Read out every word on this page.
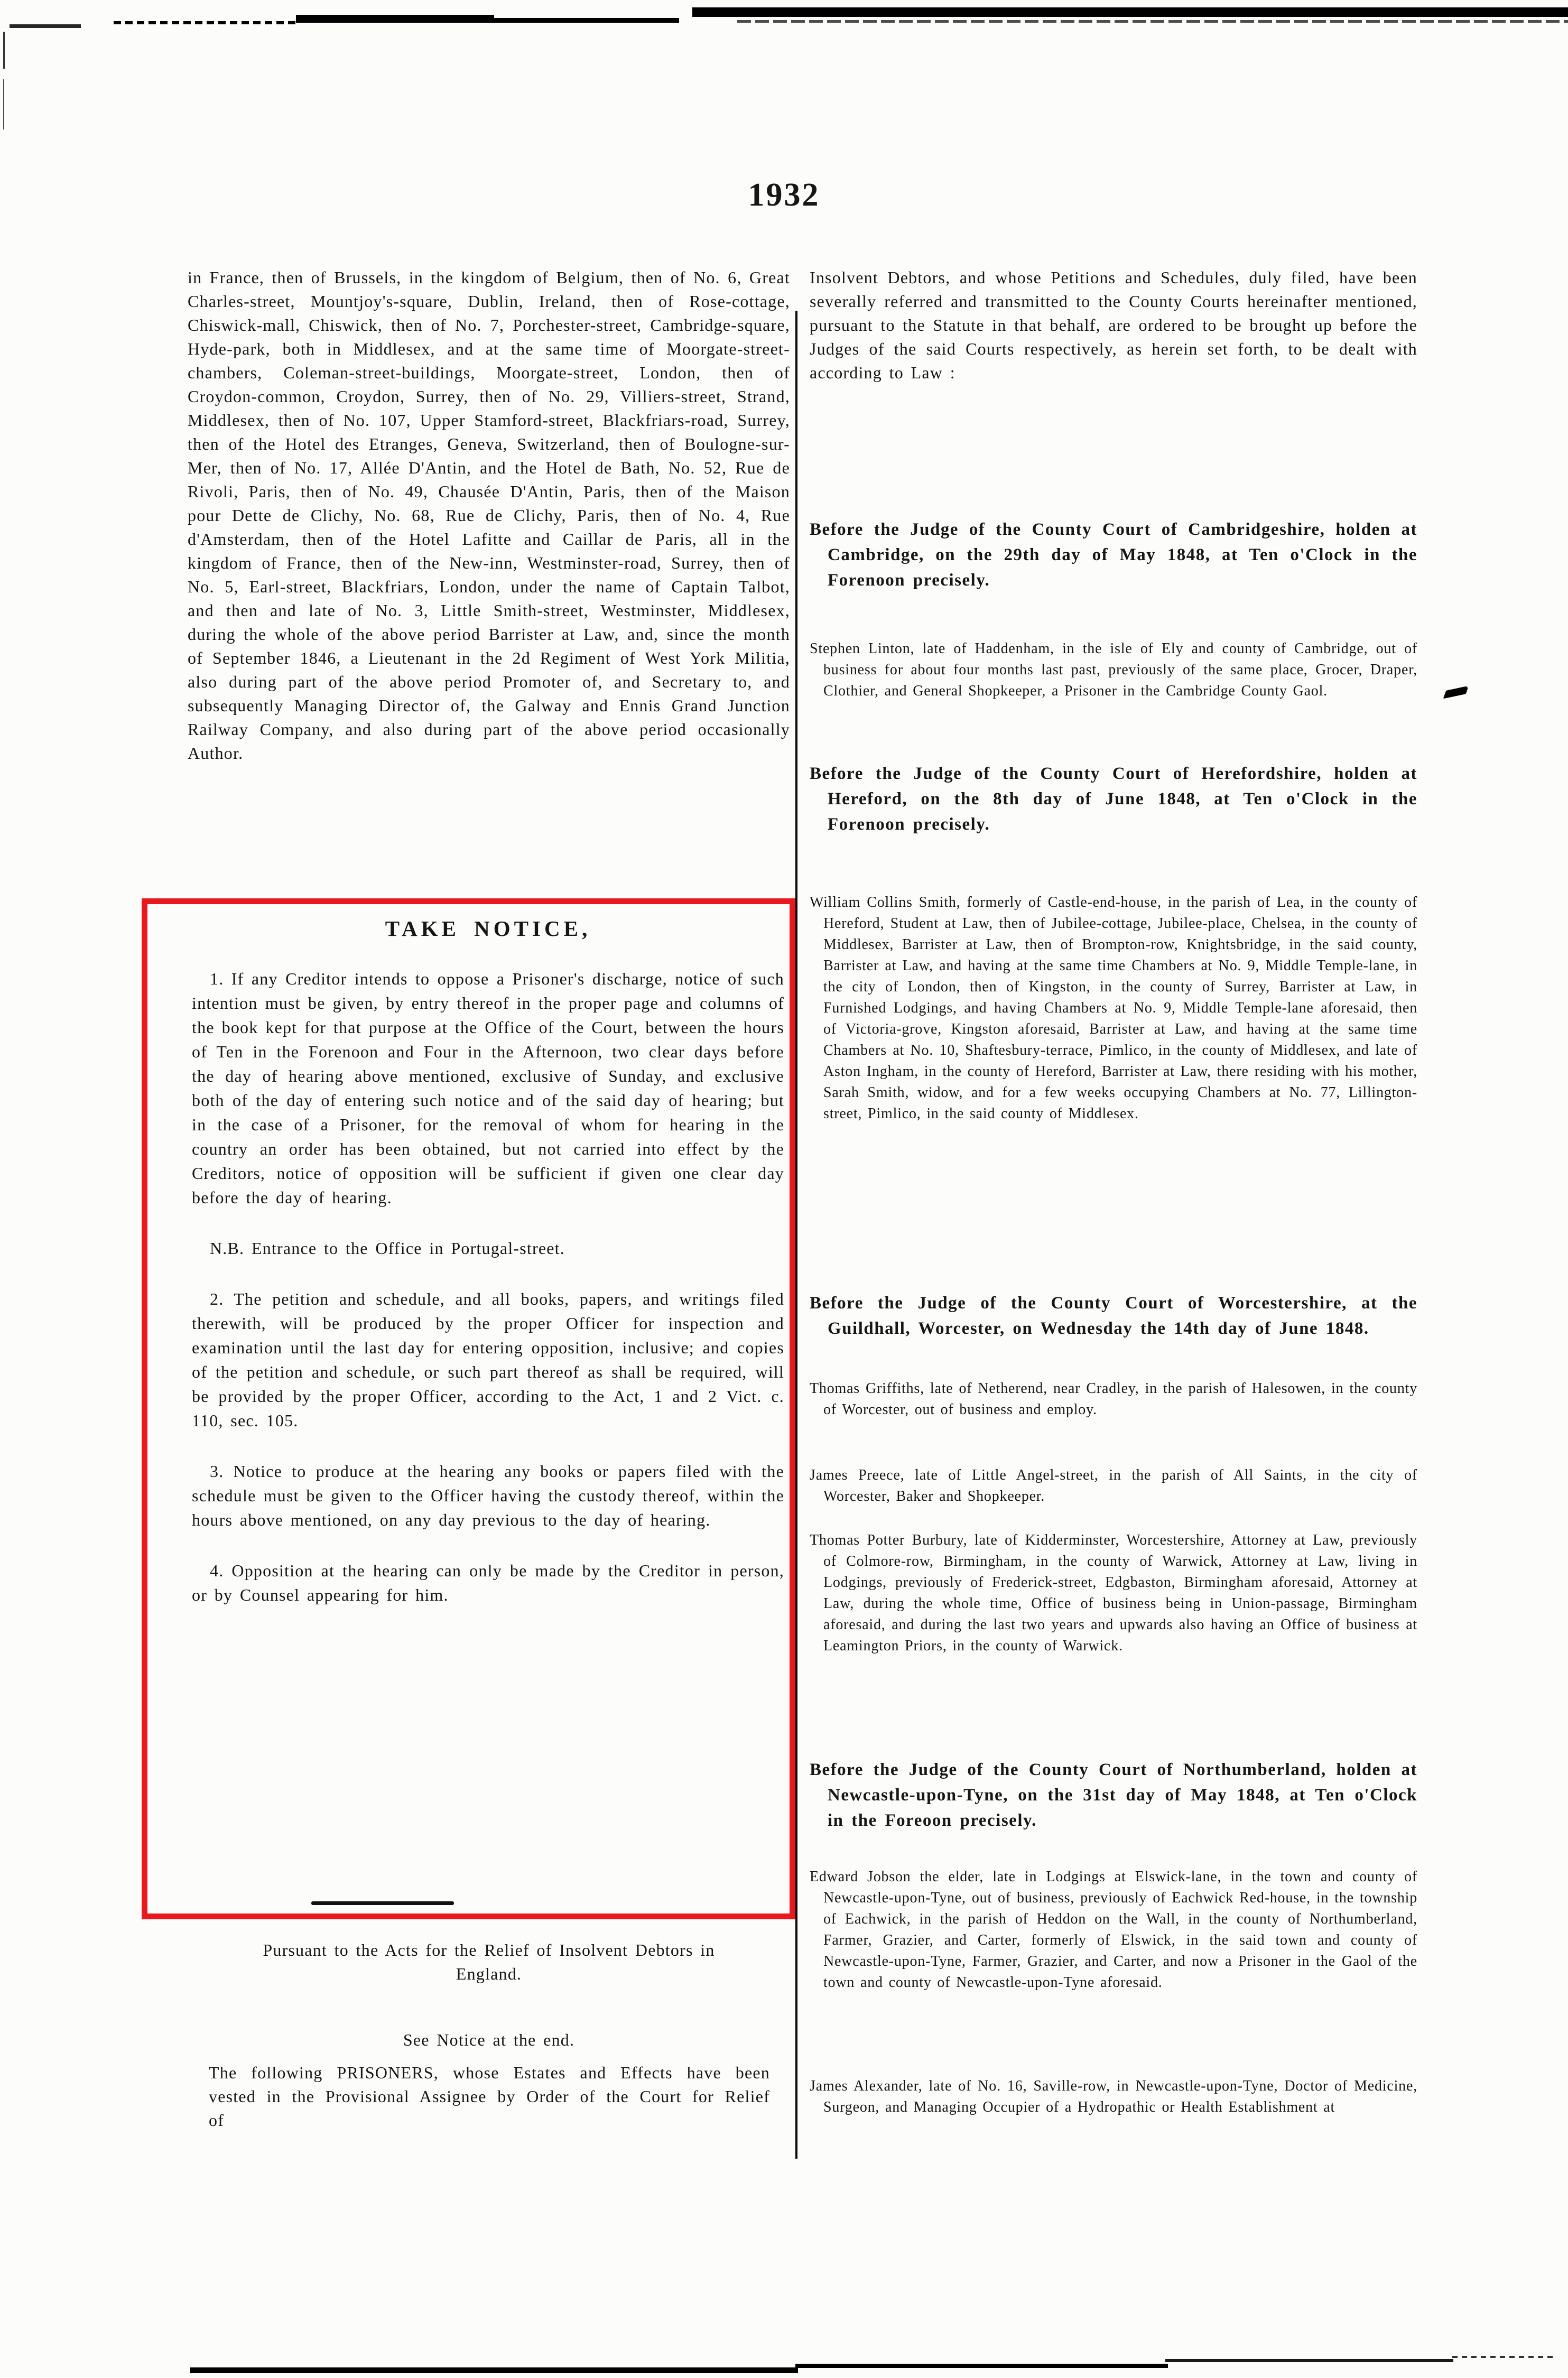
1932

in France, then of Brussels, in the kingdom of Belgium, then of No. 6, Great Charles-street, Mountjoy's-square, Dublin, Ireland, then of Rose-cottage, Chiswick-mall, Chiswick, then of No. 7, Porchester-street, Cambridge-square, Hyde-park, both in Middlesex, and at the same time of Moorgate-street-chambers, Coleman-street-buildings, Moorgate-street, London, then of Croydon-common, Croydon, Surrey, then of No. 29, Villiers-street, Strand, Middlesex, then of No. 107, Upper Stamford-street, Blackfriars-road, Surrey, then of the Hotel des Etranges, Geneva, Switzerland, then of Boulogne-sur-Mer, then of No. 17, Allée D'Antin, and the Hotel de Bath, No. 52, Rue de Rivoli, Paris, then of No. 49, Chausée D'Antin, Paris, then of the Maison pour Dette de Clichy, No. 68, Rue de Clichy, Paris, then of No. 4, Rue d'Amsterdam, then of the Hotel Lafitte and Caillar de Paris, all in the kingdom of France, then of the New-inn, Westminster-road, Surrey, then of No. 5, Earl-street, Blackfriars, London, under the name of Captain Talbot, and then and late of No. 3, Little Smith-street, Westminster, Middlesex, during the whole of the above period Barrister at Law, and, since the month of September 1846, a Lieutenant in the 2d Regiment of West York Militia, also during part of the above period Promoter of, and Secretary to, and subsequently Managing Director of, the Galway and Ennis Grand Junction Railway Company, and also during part of the above period occasionally Author.

TAKE NOTICE,

1. If any Creditor intends to oppose a Prisoner's discharge, notice of such intention must be given, by entry thereof in the proper page and columns of the book kept for that purpose at the Office of the Court, between the hours of Ten in the Forenoon and Four in the Afternoon, two clear days before the day of hearing above mentioned, exclusive of Sunday, and exclusive both of the day of entering such notice and of the said day of hearing; but in the case of a Prisoner, for the removal of whom for hearing in the country an order has been obtained, but not carried into effect by the Creditors, notice of opposition will be sufficient if given one clear day before the day of hearing.

N.B. Entrance to the Office in Portugal-street.

2. The petition and schedule, and all books, papers, and writings filed therewith, will be produced by the proper Officer for inspection and examination until the last day for entering opposition, inclusive; and copies of the petition and schedule, or such part thereof as shall be required, will be provided by the proper Officer, according to the Act, 1 and 2 Vict. c. 110, sec. 105.

3. Notice to produce at the hearing any books or papers filed with the schedule must be given to the Officer having the custody thereof, within the hours above mentioned, on any day previous to the day of hearing.

4. Opposition at the hearing can only be made by the Creditor in person, or by Counsel appearing for him.

Pursuant to the Acts for the Relief of Insolvent Debtors in England.

See Notice at the end.

The following PRISONERS, whose Estates and Effects have been vested in the Provisional Assignee by Order of the Court for Relief of

Insolvent Debtors, and whose Petitions and Schedules, duly filed, have been severally referred and transmitted to the County Courts hereinafter mentioned, pursuant to the Statute in that behalf, are ordered to be brought up before the Judges of the said Courts respectively, as herein set forth, to be dealt with according to Law :

Before the Judge of the County Court of Cambridgeshire, holden at Cambridge, on the 29th day of May 1848, at Ten o'Clock in the Forenoon precisely.

Stephen Linton, late of Haddenham, in the isle of Ely and county of Cambridge, out of business for about four months last past, previously of the same place, Grocer, Draper, Clothier, and General Shopkeeper, a Prisoner in the Cambridge County Gaol.

Before the Judge of the County Court of Herefordshire, holden at Hereford, on the 8th day of June 1848, at Ten o'Clock in the Forenoon precisely.

William Collins Smith, formerly of Castle-end-house, in the parish of Lea, in the county of Hereford, Student at Law, then of Jubilee-cottage, Jubilee-place, Chelsea, in the county of Middlesex, Barrister at Law, then of Brompton-row, Knightsbridge, in the said county, Barrister at Law, and having at the same time Chambers at No. 9, Middle Temple-lane, in the city of London, then of Kingston, in the county of Surrey, Barrister at Law, in Furnished Lodgings, and having Chambers at No. 9, Middle Temple-lane aforesaid, then of Victoria-grove, Kingston aforesaid, Barrister at Law, and having at the same time Chambers at No. 10, Shaftesbury-terrace, Pimlico, in the county of Middlesex, and late of Aston Ingham, in the county of Hereford, Barrister at Law, there residing with his mother, Sarah Smith, widow, and for a few weeks occupying Chambers at No. 77, Lillington-street, Pimlico, in the said county of Middlesex.

Before the Judge of the County Court of Worcestershire, at the Guildhall, Worcester, on Wednesday the 14th day of June 1848.

Thomas Griffiths, late of Netherend, near Cradley, in the parish of Halesowen, in the county of Worcester, out of business and employ.

James Preece, late of Little Angel-street, in the parish of All Saints, in the city of Worcester, Baker and Shopkeeper.

Thomas Potter Burbury, late of Kidderminster, Worcestershire, Attorney at Law, previously of Colmore-row, Birmingham, in the county of Warwick, Attorney at Law, living in Lodgings, previously of Frederick-street, Edgbaston, Birmingham aforesaid, Attorney at Law, during the whole time, Office of business being in Union-passage, Birmingham aforesaid, and during the last two years and upwards also having an Office of business at Leamington Priors, in the county of Warwick.

Before the Judge of the County Court of Northumberland, holden at Newcastle-upon-Tyne, on the 31st day of May 1848, at Ten o'Clock in the Foreoon precisely.

Edward Jobson the elder, late in Lodgings at Elswick-lane, in the town and county of Newcastle-upon-Tyne, out of business, previously of Eachwick Red-house, in the township of Eachwick, in the parish of Heddon on the Wall, in the county of Northumberland, Farmer, Grazier, and Carter, formerly of Elswick, in the said town and county of Newcastle-upon-Tyne, Farmer, Grazier, and Carter, and now a Prisoner in the Gaol of the town and county of Newcastle-upon-Tyne aforesaid.

James Alexander, late of No. 16, Saville-row, in Newcastle-upon-Tyne, Doctor of Medicine, Surgeon, and Managing Occupier of a Hydropathic or Health Establishment at
